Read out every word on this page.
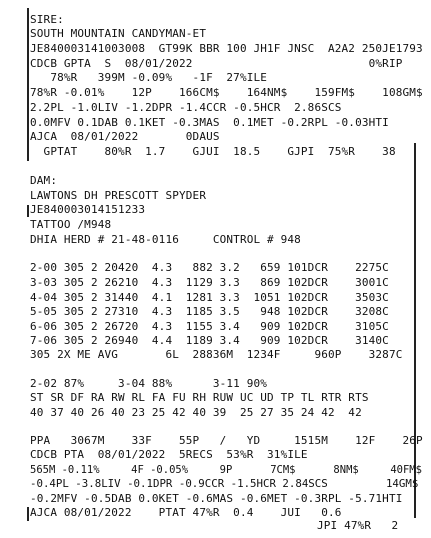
SIRE:
SOUTH MOUNTAIN CANDYMAN-ET
JE840003141003008  GT99K BBR 100 JH1F JNSC  A2A2 250JE1793
CDCB GPTA  S  08/01/2022                          0%RIP
78%R   399M -0.09%   -1F  27%ILE
78%R -0.01%    12P    166CM$    164NM$    159FM$    108GM$
2.2PL -1.0LIV -1.2DPR -1.4CCR -0.5HCR  2.86SCS
0.0MFV 0.1DAB 0.1KET -0.3MAS  0.1MET -0.2RPL -0.03HTI
AJCA  08/01/2022       0DAUS
GPTAT    80%R  1.7    GJUI  18.5    GJPI  75%R    38
DAM:
LAWTONS DH PRESCOTT SPYDER
JE840003014151233
TATTOO /M948
DHIA HERD # 21-48-0116     CONTROL # 948
2-00 305 2 20420  4.3   882 3.2   659 101DCR    2275C
3-03 305 2 26210  4.3  1129 3.3   869 102DCR    3001C
4-04 305 2 31440  4.1  1281 3.3  1051 102DCR    3503C
5-05 305 2 27310  4.3  1185 3.5   948 102DCR    3208C
6-06 305 2 26720  4.3  1155 3.4   909 102DCR    3105C
7-06 305 2 26940  4.4  1189 3.4   909 102DCR    3140C
305 2X ME AVG       6L  28836M  1234F     960P    3287C
2-02 87%     3-04 88%      3-11 90%
ST SR DF RA RW RL FA FU RH RUW UC UD TP TL RTR RTS
40 37 40 26 40 23 25 42 40 39  25 27 35 24 42  42
PPA   3067M    33F    55P   /   YD     1515M    12F    26P
CDCB PTA  08/01/2022  5RECS  53%R  31%ILE
565M -0.11%     4F -0.05%     9P      7CM$      8NM$     40FM$
-0.4PL -3.8LIV -0.1DPR -0.9CCR -1.5HCR 2.84SCS         14GM$
-0.2MFV -0.5DAB 0.0KET -0.6MAS -0.6MET -0.3RPL -5.71HTI
AJCA 08/01/2022    PTAT 47%R  0.4    JUI   0.6
JPI 47%R   2
